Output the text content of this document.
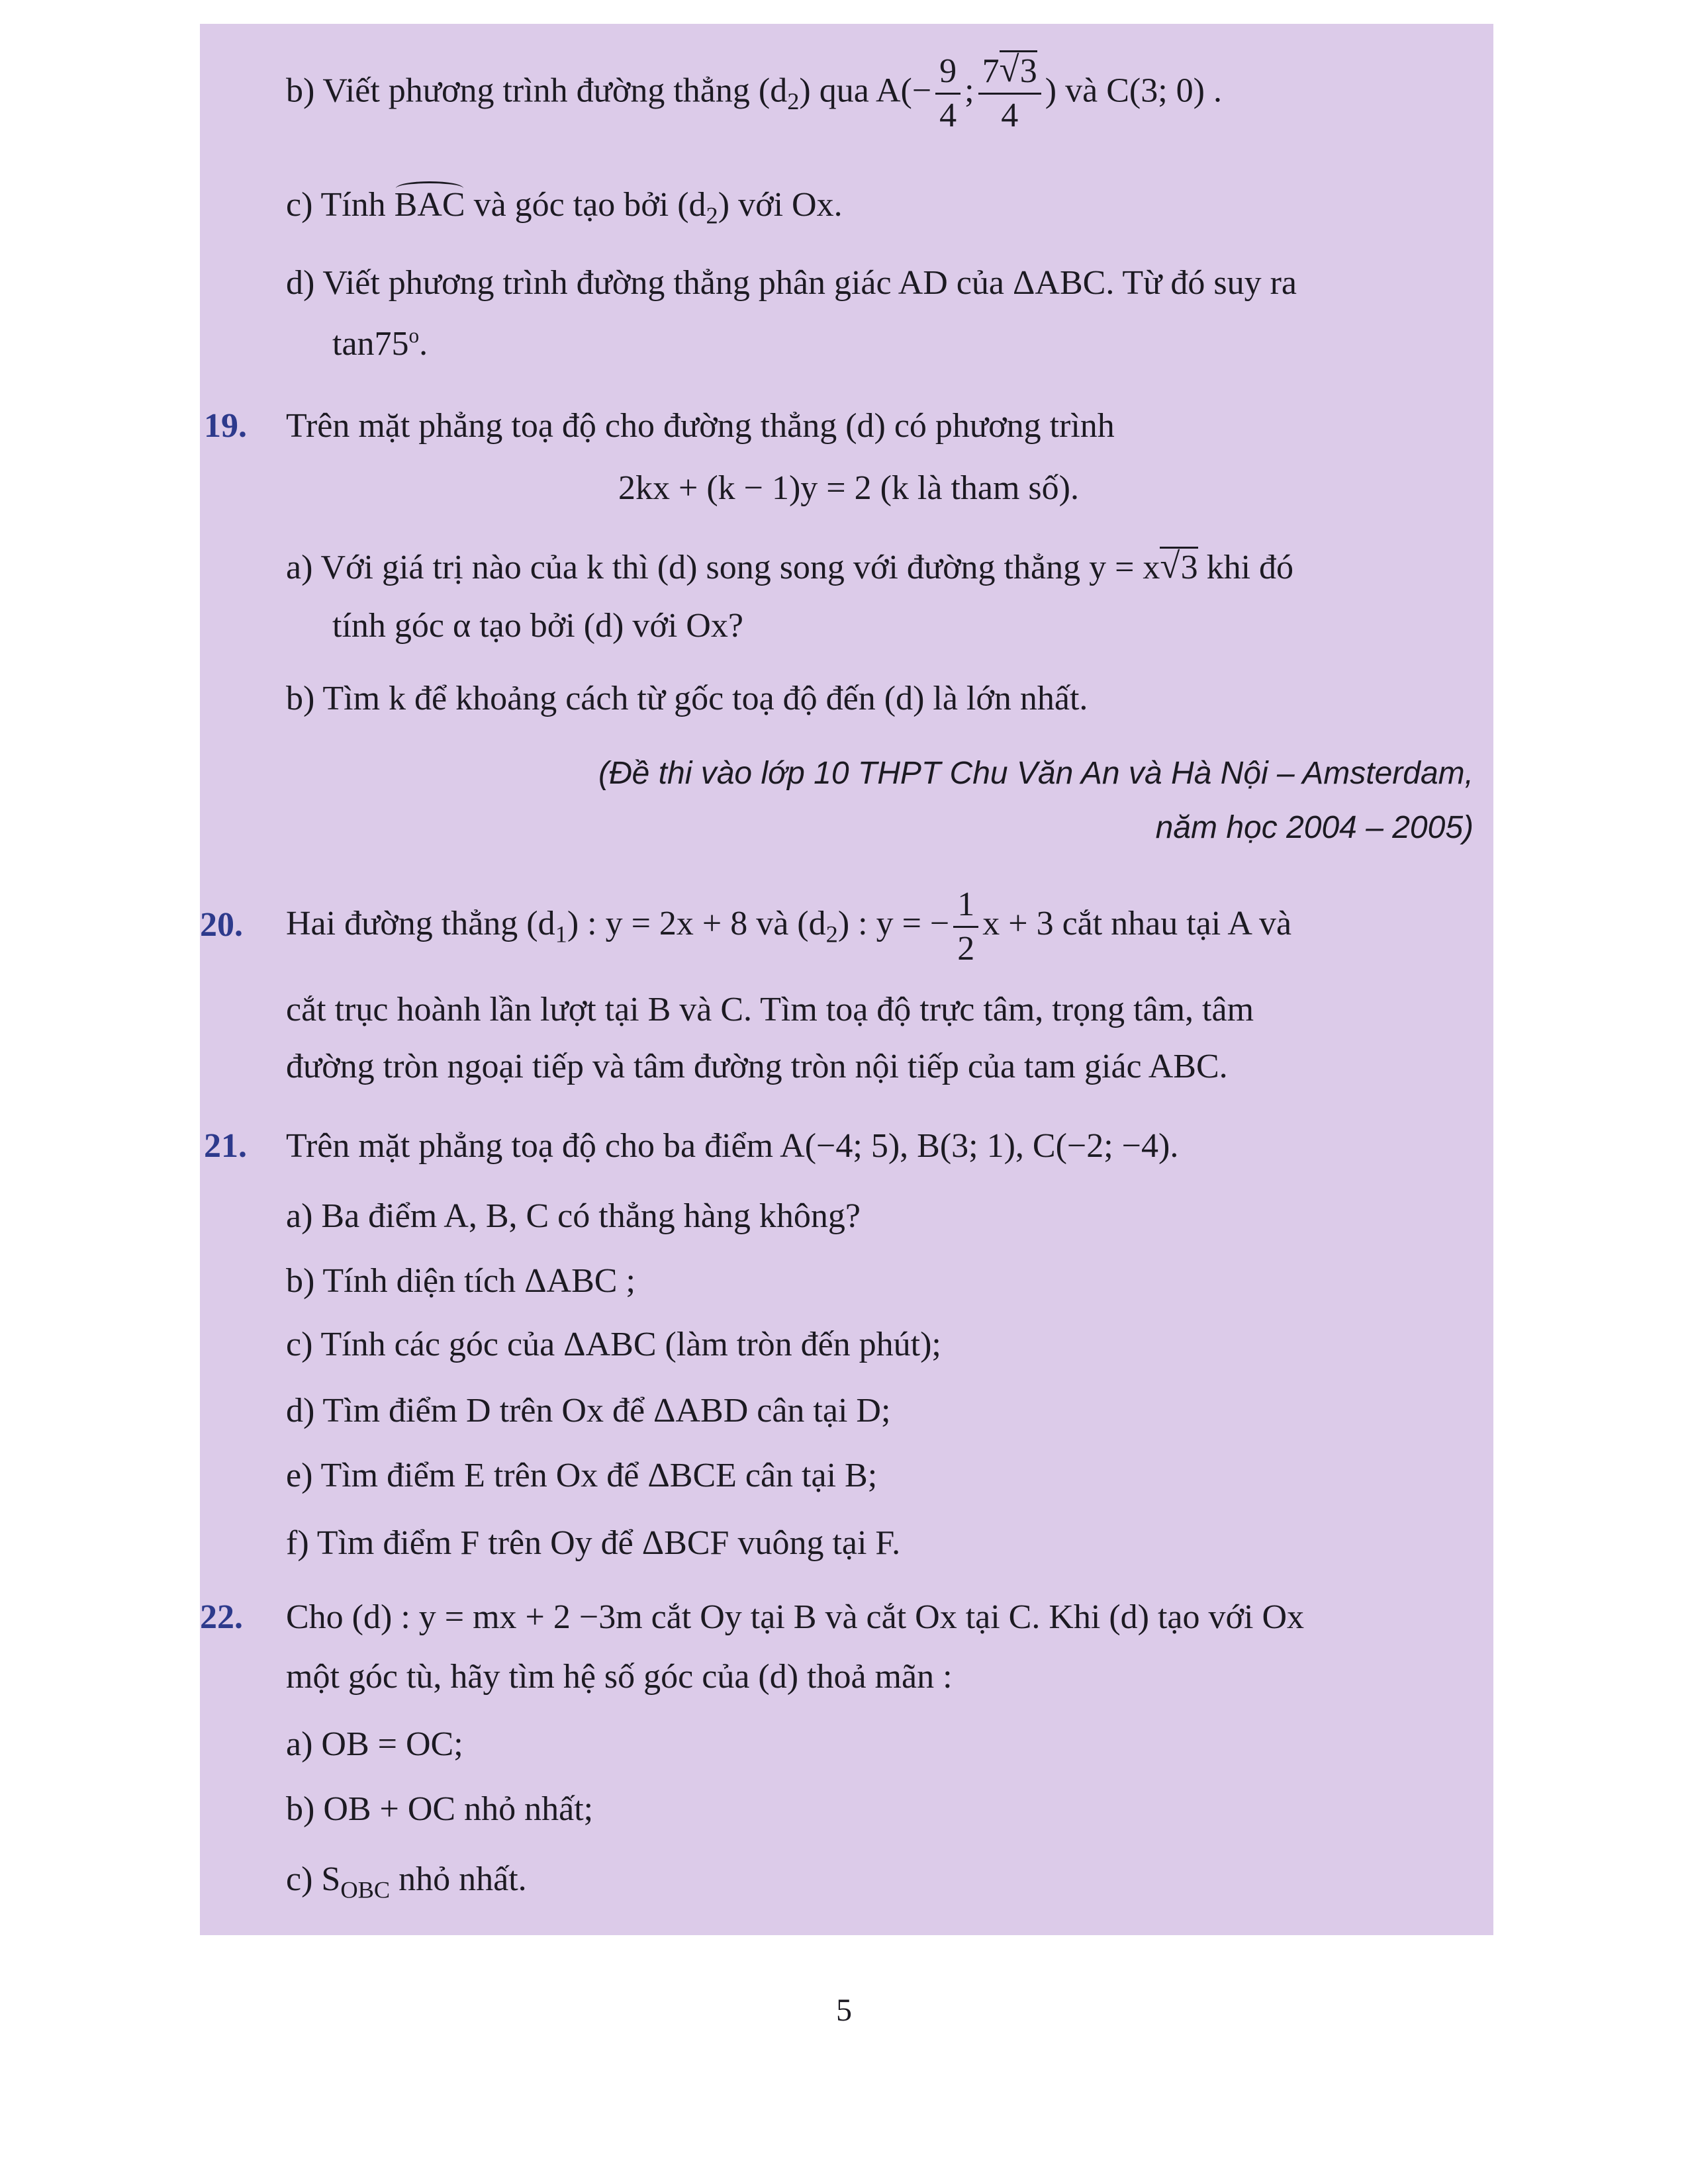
b) Viết phương trình đường thẳng $(d_2)$ qua $A(- \frac{9}{4}$ ; $\frac{7 √ 3}{4}$ ) và C(3; 0) .
c) Tính BAC và góc tạo bởi $(d_2)$ với Ox.
d) Viết phương trình đường thẳng phân giác AD của ΔABC. Từ đó suy ra
tan75$^o$.
19. Trên mặt phẳng toạ độ cho đường thẳng (d) có phương trình
2kx + (k − 1)y = 2 (k là tham số).
a) Với giá trị nào của k thì (d) song song với đường thẳng y = x √ 3 khi đó
tính góc α tạo bởi (d) với Ox?
b) Tìm k để khoảng cách từ gốc toạ độ đến (d) là lớn nhất.
(Đề thi vào lớp 10 THPT Chu Văn An và Hà Nội – Amsterdam,
năm học 2004 – 2005)
20. Hai đường thẳng $(d_1)$ : y = 2x + 8 và $(d_2)$ : y = − $\frac{1}{2}$ x + 3 cắt nhau tại A và
cắt trục hoành lần lượt tại B và C. Tìm toạ độ trực tâm, trọng tâm, tâm
đường tròn ngoại tiếp và tâm đường tròn nội tiếp của tam giác ABC.
21. Trên mặt phẳng toạ độ cho ba điểm A(−4; 5), B(3; 1), C(−2; −4).
a) Ba điểm A, B, C có thẳng hàng không?
b) Tính diện tích ΔABC ;
c) Tính các góc của ΔABC (làm tròn đến phút);
d) Tìm điểm D trên Ox để ΔABD cân tại D;
e) Tìm điểm E trên Ox để ΔBCE cân tại B;
f) Tìm điểm F trên Oy để ΔBCF vuông tại F.
22. Cho (d) : y = mx + 2 −3m cắt Oy tại B và cắt Ox tại C. Khi (d) tạo với Ox
một góc tù, hãy tìm hệ số góc của (d) thoả mãn :
a) OB = OC;
b) OB + OC nhỏ nhất;
c) $S_{OBC}$ nhỏ nhất.
5
